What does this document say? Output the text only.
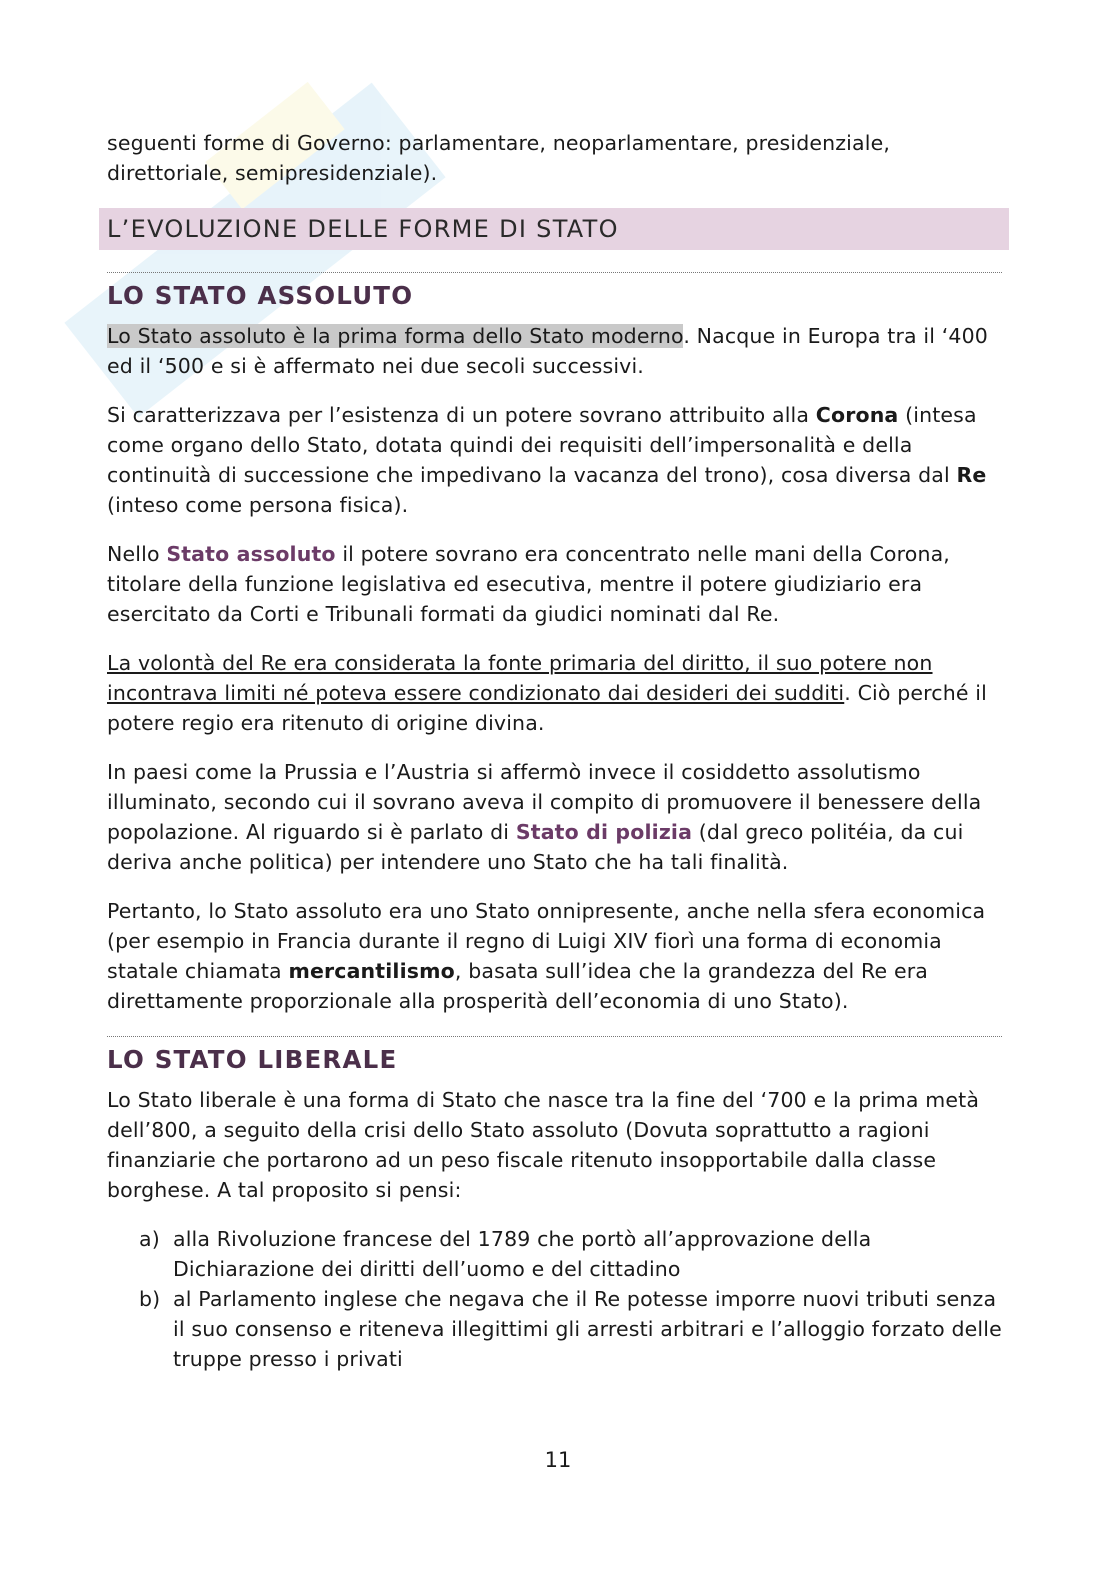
seguenti forme di Governo: parlamentare, neoparlamentare, presidenziale, direttoriale, semipresidenziale).

L’EVOLUZIONE DELLE FORME DI STATO
LO STATO ASSOLUTO

Lo Stato assoluto è la prima forma dello Stato moderno. Nacque in Europa tra il ‘400 ed il ‘500 e si è affermato nei due secoli successivi.

Si caratterizzava per l’esistenza di un potere sovrano attribuito alla Corona (intesa come organo dello Stato, dotata quindi dei requisiti dell’impersonalità e della continuità di successione che impedivano la vacanza del trono), cosa diversa dal Re (inteso come persona fisica).

Nello Stato assoluto il potere sovrano era concentrato nelle mani della Corona, titolare della funzione legislativa ed esecutiva, mentre il potere giudiziario era esercitato da Corti e Tribunali formati da giudici nominati dal Re.

La volontà del Re era considerata la fonte primaria del diritto, il suo potere non incontrava limiti né poteva essere condizionato dai desideri dei sudditi. Ciò perché il potere regio era ritenuto di origine divina.

In paesi come la Prussia e l’Austria si affermò invece il cosiddetto assolutismo illuminato, secondo cui il sovrano aveva il compito di promuovere il benessere della popolazione. Al riguardo si è parlato di Stato di polizia (dal greco politéia, da cui deriva anche politica) per intendere uno Stato che ha tali finalità.

Pertanto, lo Stato assoluto era uno Stato onnipresente, anche nella sfera economica (per esempio in Francia durante il regno di Luigi XIV fiorì una forma di economia statale chiamata mercantilismo, basata sull’idea che la grandezza del Re era direttamente proporzionale alla prosperità dell’economia di uno Stato).

LO STATO LIBERALE

Lo Stato liberale è una forma di Stato che nasce tra la fine del ‘700 e la prima metà dell’800, a seguito della crisi dello Stato assoluto (Dovuta soprattutto a ragioni finanziarie che portarono ad un peso fiscale ritenuto insopportabile dalla classe borghese. A tal proposito si pensi:

a) alla Rivoluzione francese del 1789 che portò all’approvazione della Dichiarazione dei diritti dell’uomo e del cittadino
b) al Parlamento inglese che negava che il Re potesse imporre nuovi tributi senza il suo consenso e riteneva illegittimi gli arresti arbitrari e l’alloggio forzato delle truppe presso i privati
11
